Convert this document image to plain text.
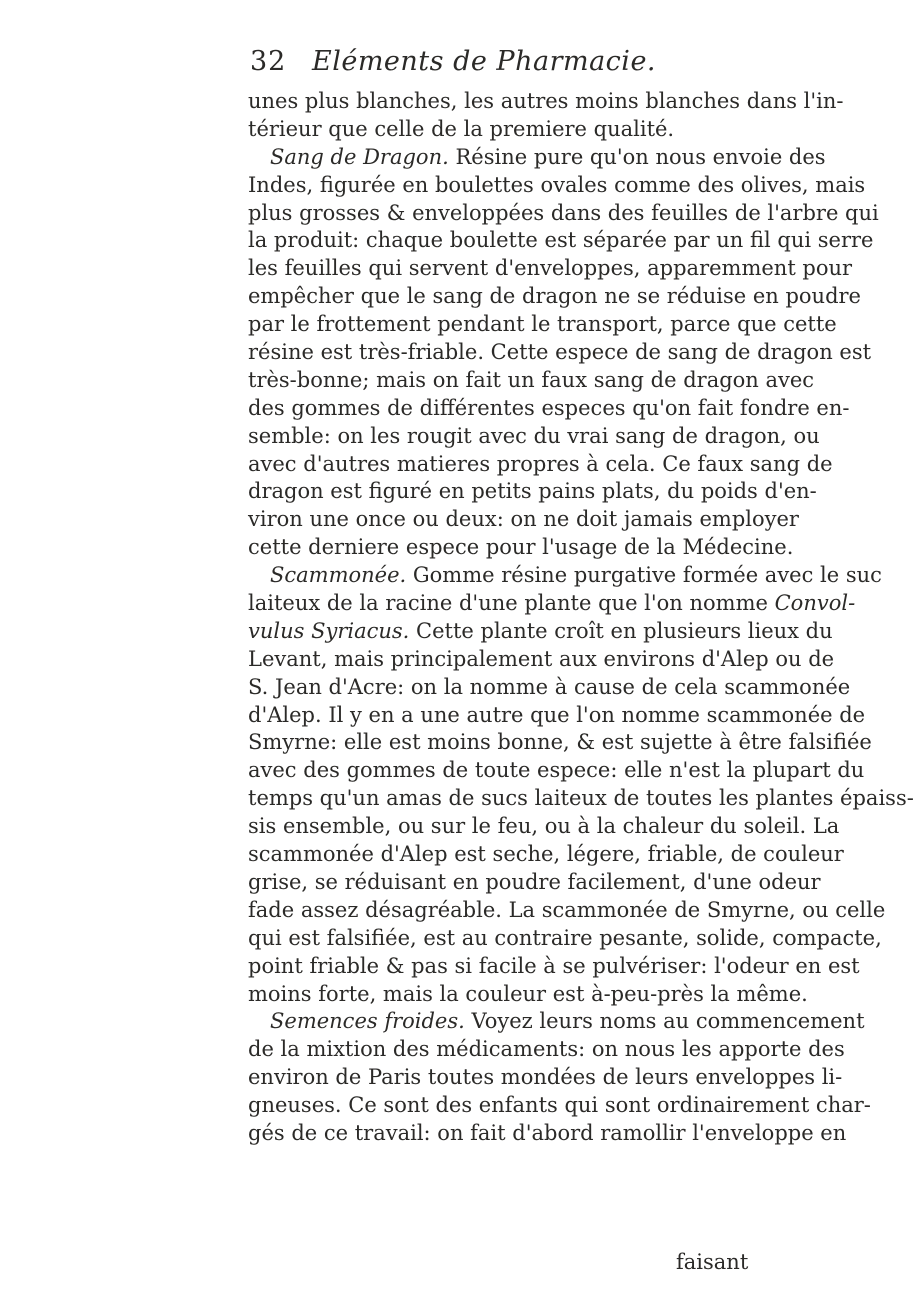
32 Eléments de Pharmacie.
unes plus blanches, les autres moins blanches dans l'in-
térieur que celle de la premiere qualité.
Sang de Dragon. Résine pure qu'on nous envoie des
Indes, figurée en boulettes ovales comme des olives, mais
plus grosses & enveloppées dans des feuilles de l'arbre qui
la produit: chaque boulette est séparée par un fil qui serre
les feuilles qui servent d'enveloppes, apparemment pour
empêcher que le sang de dragon ne se réduise en poudre
par le frottement pendant le transport, parce que cette
résine est très-friable. Cette espece de sang de dragon est
très-bonne; mais on fait un faux sang de dragon avec
des gommes de différentes especes qu'on fait fondre en-
semble: on les rougit avec du vrai sang de dragon, ou
avec d'autres matieres propres à cela. Ce faux sang de
dragon est figuré en petits pains plats, du poids d'en-
viron une once ou deux: on ne doit jamais employer
cette derniere espece pour l'usage de la Médecine.
Scammonée. Gomme résine purgative formée avec le suc
laiteux de la racine d'une plante que l'on nomme Convol-
vulus Syriacus. Cette plante croît en plusieurs lieux du
Levant, mais principalement aux environs d'Alep ou de
S. Jean d'Acre: on la nomme à cause de cela scammonée
d'Alep. Il y en a une autre que l'on nomme scammonée de
Smyrne: elle est moins bonne, & est sujette à être falsifiée
avec des gommes de toute espece: elle n'est la plupart du
temps qu'un amas de sucs laiteux de toutes les plantes épaiss-
sis ensemble, ou sur le feu, ou à la chaleur du soleil. La
scammonée d'Alep est seche, légere, friable, de couleur
grise, se réduisant en poudre facilement, d'une odeur
fade assez désagréable. La scammonée de Smyrne, ou celle
qui est falsifiée, est au contraire pesante, solide, compacte,
point friable & pas si facile à se pulvériser: l'odeur en est
moins forte, mais la couleur est à-peu-près la même.
Semences froides. Voyez leurs noms au commencement
de la mixtion des médicaments: on nous les apporte des
environ de Paris toutes mondées de leurs enveloppes li-
gneuses. Ce sont des enfants qui sont ordinairement char-
gés de ce travail: on fait d'abord ramollir l'enveloppe en
faisant
